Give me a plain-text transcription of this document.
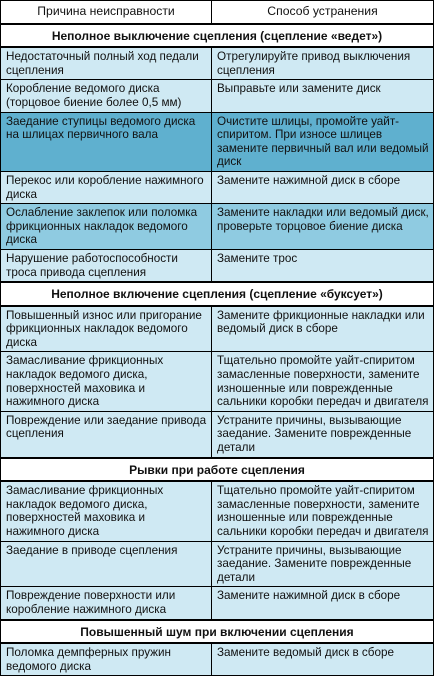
Причина неисправности	Способ устранения
Неполное выключение сцепления (сцепление «ведет»)	
Недостаточный полный ход педали сцепления	Отрегулируйте привод выключения сцепления
Коробление ведомого диска (торцовое биение более 0,5 мм)	Выправьте или замените диск
Заедание ступицы ведомого диска на шлицах первичного вала	Очистите шлицы, промойте уайт-спиритом. При износе шлицев замените первичный вал или ведомый диск
Перекос или коробление нажимного диска	Замените нажимной диск в сборе
Ослабление заклепок или поломка фрикционных накладок ведомого диска	Замените накладки или ведомый диск, проверьте торцовое биение диска
Нарушение работоспособности троса привода сцепления	Замените трос
Неполное включение сцепления (сцепление «буксует»)	
Повышенный износ или пригорание фрикционных накладок ведомого диска	Замените фрикционные накладки или ведомый диск в сборе
Замасливание фрикционных накладок ведомого диска, поверхностей маховика и нажимного диска	Тщательно промойте уайт-спиритом замасленные поверхности, замените изношенные или поврежденные сальники коробки передач и двигателя
Повреждение или заедание привода сцепления	Устраните причины, вызывающие заедание. Замените поврежденные детали
Рывки при работе сцепления	
Замасливание фрикционных накладок ведомого диска, поверхностей маховика и нажимного диска	Тщательно промойте уайт-спиритом замасленные поверхности, замените изношенные или поврежденные сальники коробки передач и двигателя
Заедание в приводе сцепления	Устраните причины, вызывающие заедание. Замените поврежденные детали
Повреждение поверхности или коробление нажимного диска	Замените нажимной диск в сборе
Повышенный шум при включении сцепления	
Поломка демпферных пружин ведомого диска	Замените ведомый диск в сборе
